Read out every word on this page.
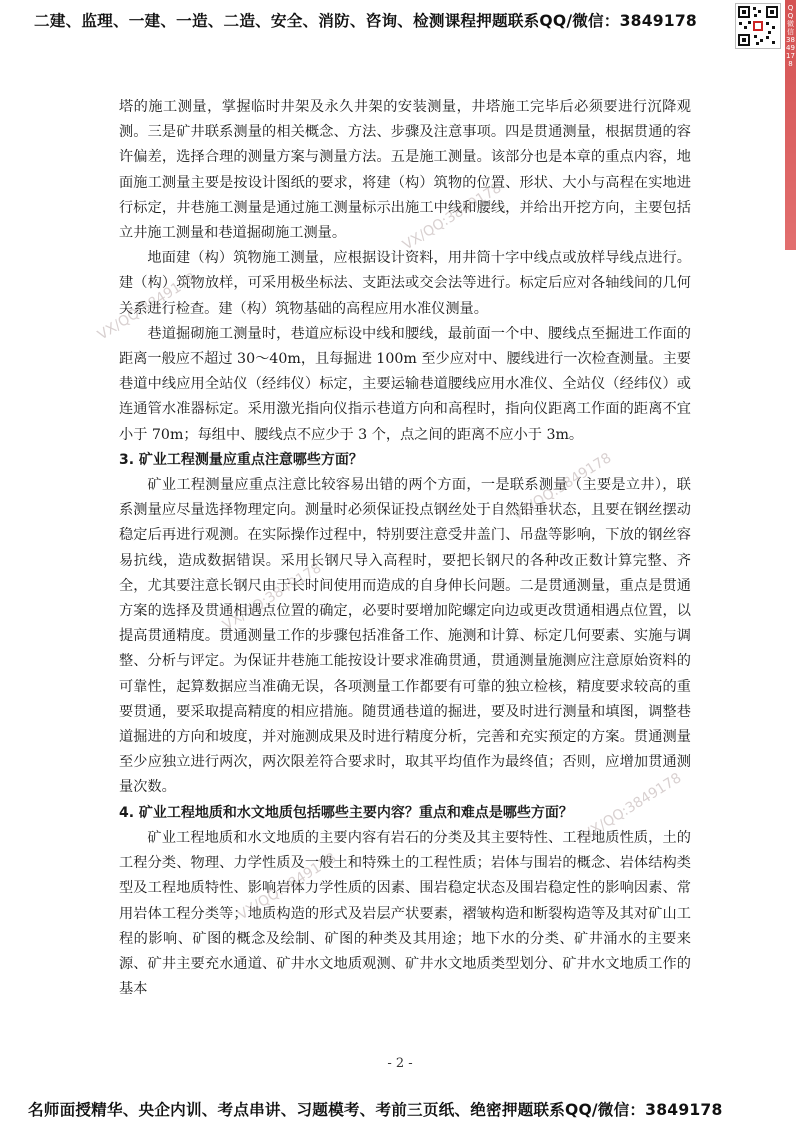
二建、监理、一建、一造、二造、安全、消防、咨询、检测课程押题联系QQ/微信：3849178
QQ微信3849178

塔的施工测量，掌握临时井架及永久井架的安装测量，井塔施工完毕后必须要进行沉降观测。三是矿井联系测量的相关概念、方法、步骤及注意事项。四是贯通测量，根据贯通的容许偏差，选择合理的测量方案与测量方法。五是施工测量。该部分也是本章的重点内容，地面施工测量主要是按设计图纸的要求，将建（构）筑物的位置、形状、大小与高程在实地进行标定，井巷施工测量是通过施工测量标示出施工中线和腰线，并给出开挖方向，主要包括立井施工测量和巷道掘砌施工测量。

地面建（构）筑物施工测量，应根据设计资料，用井筒十字中线点或放样导线点进行。建（构）筑物放样，可采用极坐标法、支距法或交会法等进行。标定后应对各轴线间的几何关系进行检查。建（构）筑物基础的高程应用水准仪测量。

巷道掘砌施工测量时，巷道应标设中线和腰线，最前面一个中、腰线点至掘进工作面的距离一般应不超过 30～40m，且每掘进 100m 至少应对中、腰线进行一次检查测量。主要巷道中线应用全站仪（经纬仪）标定，主要运输巷道腰线应用水准仪、全站仪（经纬仪）或连通管水准器标定。采用激光指向仪指示巷道方向和高程时，指向仪距离工作面的距离不宜小于 70m；每组中、腰线点不应少于 3 个，点之间的距离不应小于 3m。

3. 矿业工程测量应重点注意哪些方面？

矿业工程测量应重点注意比较容易出错的两个方面，一是联系测量（主要是立井），联系测量应尽量选择物理定向。测量时必须保证投点钢丝处于自然铅垂状态，且要在钢丝摆动稳定后再进行观测。在实际操作过程中，特别要注意受井盖门、吊盘等影响，下放的钢丝容易抗线，造成数据错误。采用长钢尺导入高程时，要把长钢尺的各种改正数计算完整、齐全，尤其要注意长钢尺由于长时间使用而造成的自身伸长问题。二是贯通测量，重点是贯通方案的选择及贯通相遇点位置的确定，必要时要增加陀螺定向边或更改贯通相遇点位置，以提高贯通精度。贯通测量工作的步骤包括准备工作、施测和计算、标定几何要素、实施与调整、分析与评定。为保证井巷施工能按设计要求准确贯通，贯通测量施测应注意原始资料的可靠性，起算数据应当准确无误，各项测量工作都要有可靠的独立检核，精度要求较高的重要贯通，要采取提高精度的相应措施。随贯通巷道的掘进，要及时进行测量和填图，调整巷道掘进的方向和坡度，并对施测成果及时进行精度分析，完善和充实预定的方案。贯通测量至少应独立进行两次，两次限差符合要求时，取其平均值作为最终值；否则，应增加贯通测量次数。

4. 矿业工程地质和水文地质包括哪些主要内容？重点和难点是哪些方面？

矿业工程地质和水文地质的主要内容有岩石的分类及其主要特性、工程地质性质，土的工程分类、物理、力学性质及一般土和特殊土的工程性质；岩体与围岩的概念、岩体结构类型及工程地质特性、影响岩体力学性质的因素、围岩稳定状态及围岩稳定性的影响因素、常用岩体工程分类等；地质构造的形式及岩层产状要素，褶皱构造和断裂构造等及其对矿山工程的影响、矿图的概念及绘制、矿图的种类及其用途；地下水的分类、矿井涌水的主要来源、矿井主要充水通道、矿井水文地质观测、矿井水文地质类型划分、矿井水文地质工作的基本

VX/QQ:3849178
VX/QQ:3849178
VX/QQ:3849178
VX/QQ:3849178
VX/QQ:3849178
VX/QQ:3849178
- 2 -
名师面授精华、央企内训、考点串讲、习题模考、考前三页纸、绝密押题联系QQ/微信：3849178
